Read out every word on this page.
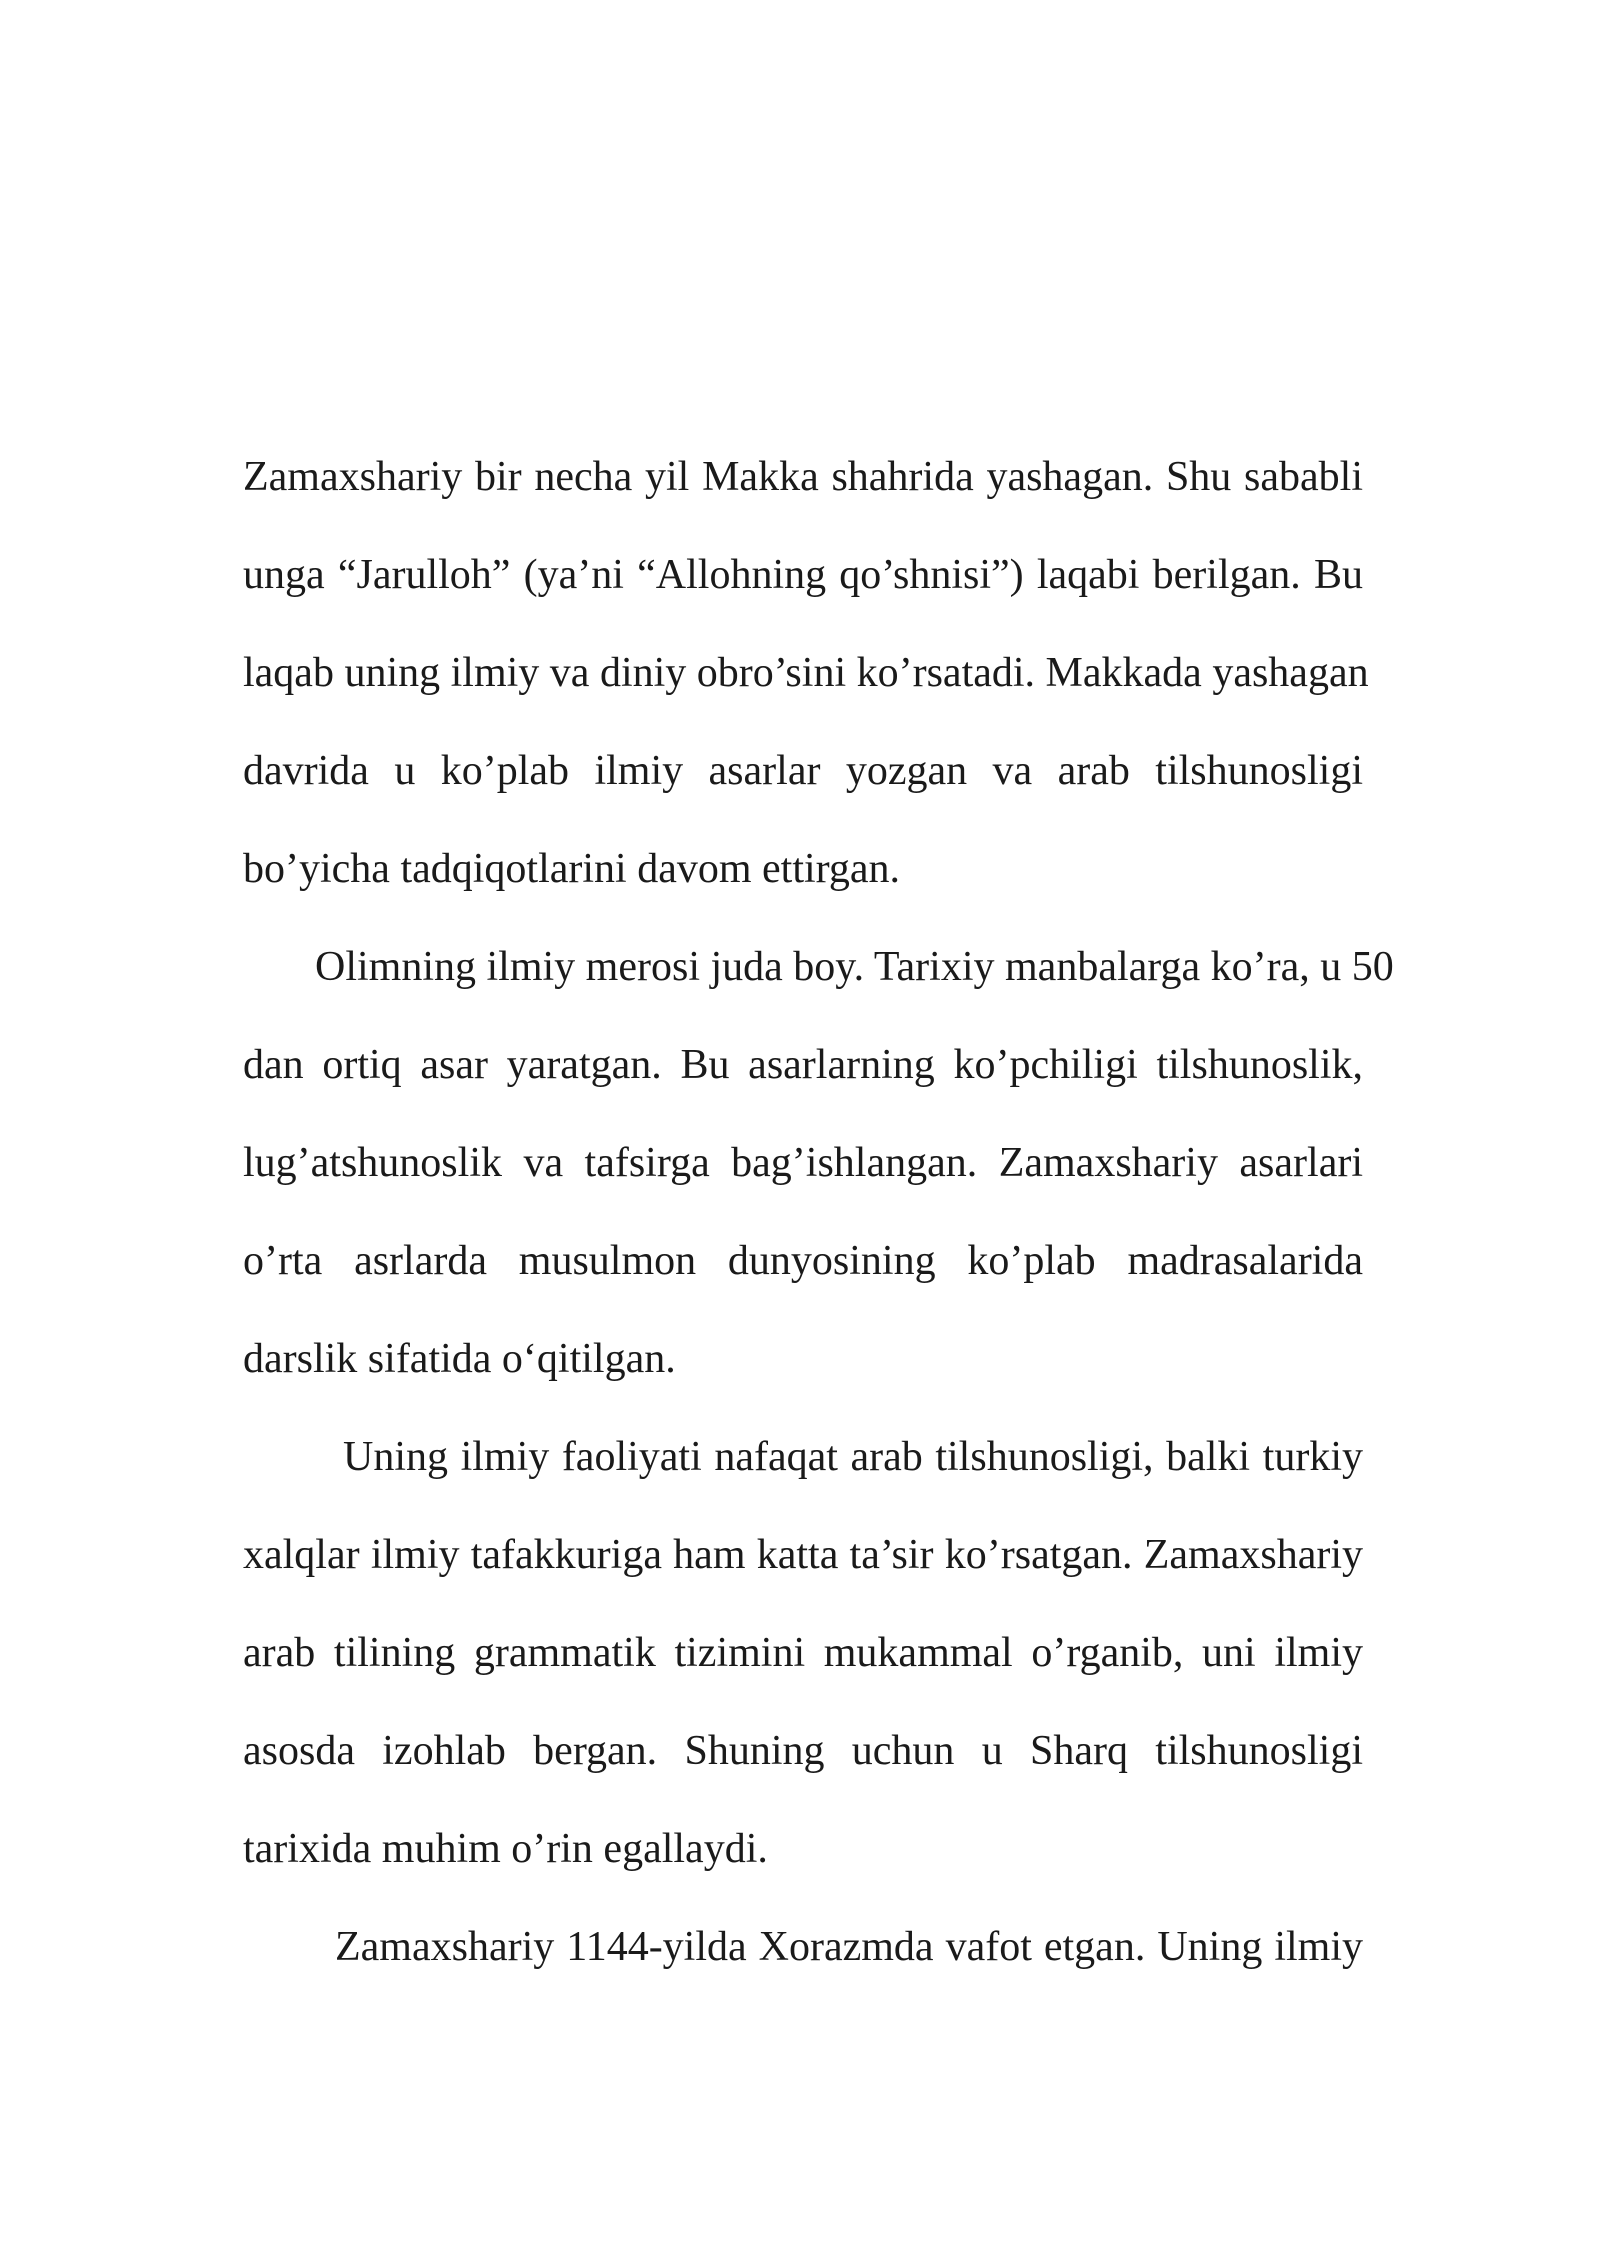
Zamaxshariy bir necha yil Makka shahrida yashagan. Shu sababli
unga “Jarulloh” (ya’ni “Allohning qo’shnisi”) laqabi berilgan. Bu
laqab uning ilmiy va diniy obro’sini ko’rsatadi. Makkada yashagan
davrida u ko’plab ilmiy asarlar yozgan va arab tilshunosligi
bo’yicha tadqiqotlarini davom ettirgan.
Olimning ilmiy merosi juda boy. Tarixiy manbalarga ko’ra, u 50
dan ortiq asar yaratgan. Bu asarlarning ko’pchiligi tilshunoslik,
lug’atshunoslik va tafsirga bag’ishlangan. Zamaxshariy asarlari
o’rta asrlarda musulmon dunyosining ko’plab madrasalarida
darslik sifatida o‘qitilgan.
Uning ilmiy faoliyati nafaqat arab tilshunosligi, balki turkiy
xalqlar ilmiy tafakkuriga ham katta ta’sir ko’rsatgan. Zamaxshariy
arab tilining grammatik tizimini mukammal o’rganib, uni ilmiy
asosda izohlab bergan. Shuning uchun u Sharq tilshunosligi
tarixida muhim o’rin egallaydi.
Zamaxshariy 1144-yilda Xorazmda vafot etgan. Uning ilmiy
